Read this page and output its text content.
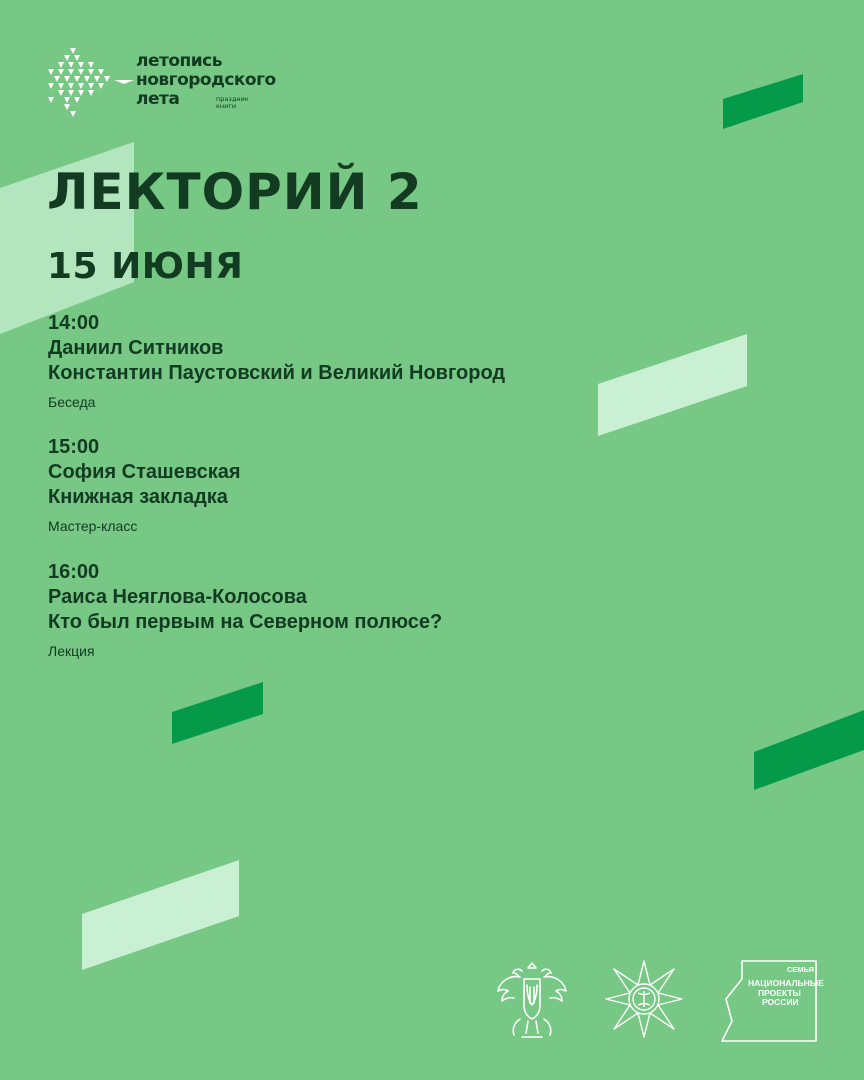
летопись
новгородского
лета	праздник
книги
ЛЕКТОРИЙ 2
15 ИЮНЯ
14:00
Даниил Ситников
Константин Паустовский и Великий Новгород
Беседа
15:00
София Сташевская
Книжная закладка
Мастер-класс
16:00
Раиса Неяглова-Колосова
Кто был первым на Северном полюсе?
Лекция
СЕМЬЯ
НАЦИОНАЛЬНЫЕ
ПРОЕКТЫ
РОССИИ
